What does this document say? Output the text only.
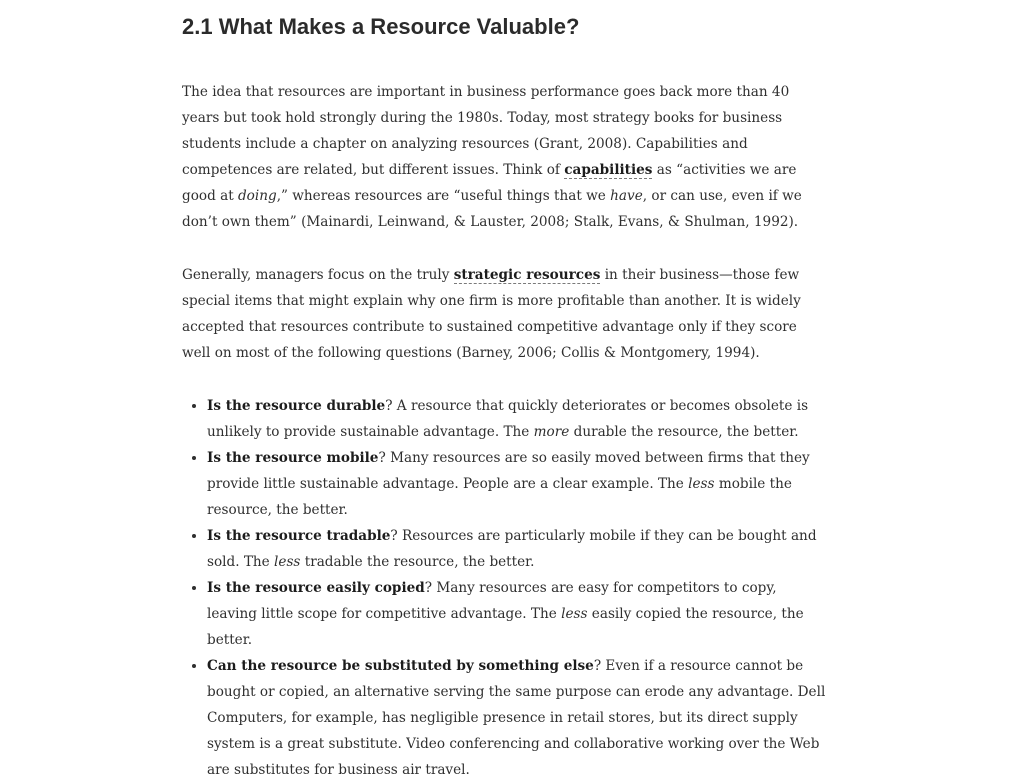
2.1 What Makes a Resource Valuable?

The idea that resources are important in business performance goes back more than 40 years but took hold strongly during the 1980s. Today, most strategy books for business students include a chapter on analyzing resources (Grant, 2008). Capabilities and competences are related, but different issues. Think of capabilities as “activities we are good at doing,” whereas resources are “useful things that we have, or can use, even if we don’t own them” (Mainardi, Leinwand, & Lauster, 2008; Stalk, Evans, & Shulman, 1992).

Generally, managers focus on the truly strategic resources in their business—those few special items that might explain why one firm is more profitable than another. It is widely accepted that resources contribute to sustained competitive advantage only if they score well on most of the following questions (Barney, 2006; Collis & Montgomery, 1994).

• Is the resource durable? A resource that quickly deteriorates or becomes obsolete is unlikely to provide sustainable advantage. The more durable the resource, the better.
• Is the resource mobile? Many resources are so easily moved between firms that they provide little sustainable advantage. People are a clear example. The less mobile the resource, the better.
• Is the resource tradable? Resources are particularly mobile if they can be bought and sold. The less tradable the resource, the better.
• Is the resource easily copied? Many resources are easy for competitors to copy, leaving little scope for competitive advantage. The less easily copied the resource, the better.
• Can the resource be substituted by something else? Even if a resource cannot be bought or copied, an alternative serving the same purpose can erode any advantage. Dell Computers, for example, has negligible presence in retail stores, but its direct supply system is a great substitute. Video conferencing and collaborative working over the Web are substitutes for business air travel.
